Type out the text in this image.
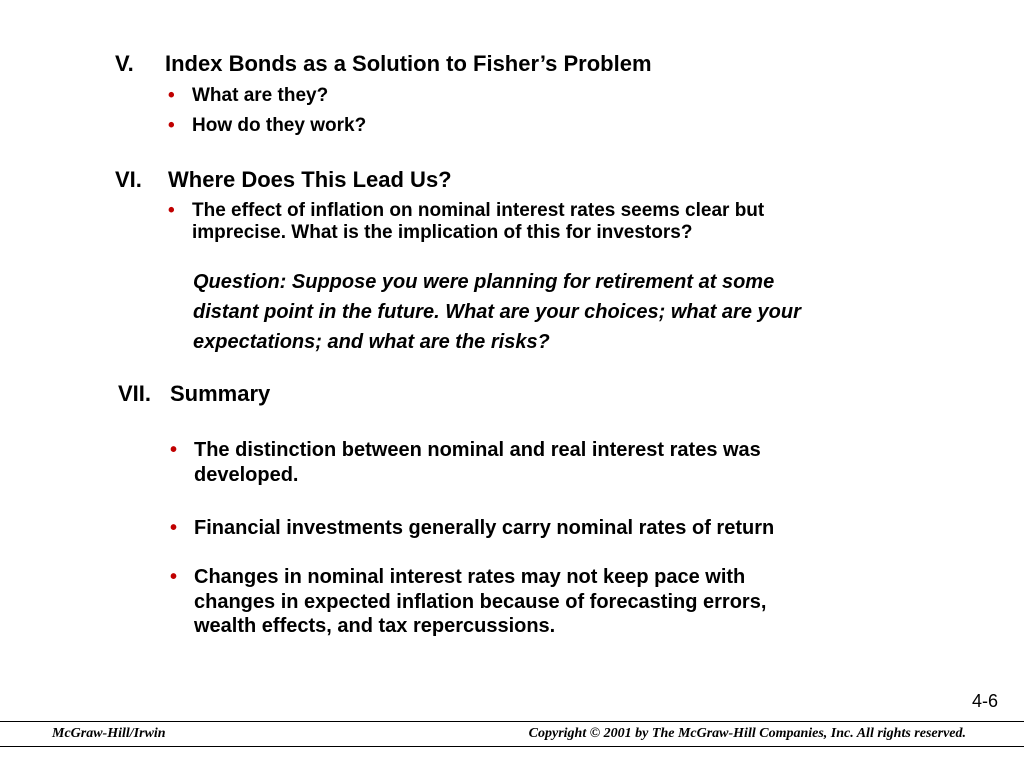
V. Index Bonds as a Solution to Fisher’s Problem
• What are they?
• How do they work?
VI. Where Does This Lead Us?
• The effect of inflation on nominal interest rates seems clear but
imprecise. What is the implication of this for investors?
Question: Suppose you were planning for retirement at some
distant point in the future. What are your choices; what are your
expectations; and what are the risks?
VII. Summary
• The distinction between nominal and real interest rates was
developed.
• Financial investments generally carry nominal rates of return
• Changes in nominal interest rates may not keep pace with
changes in expected inflation because of forecasting errors,
wealth effects, and tax repercussions.
4-6
McGraw-Hill/Irwin	Copyright © 2001 by The McGraw-Hill Companies, Inc. All rights reserved.
